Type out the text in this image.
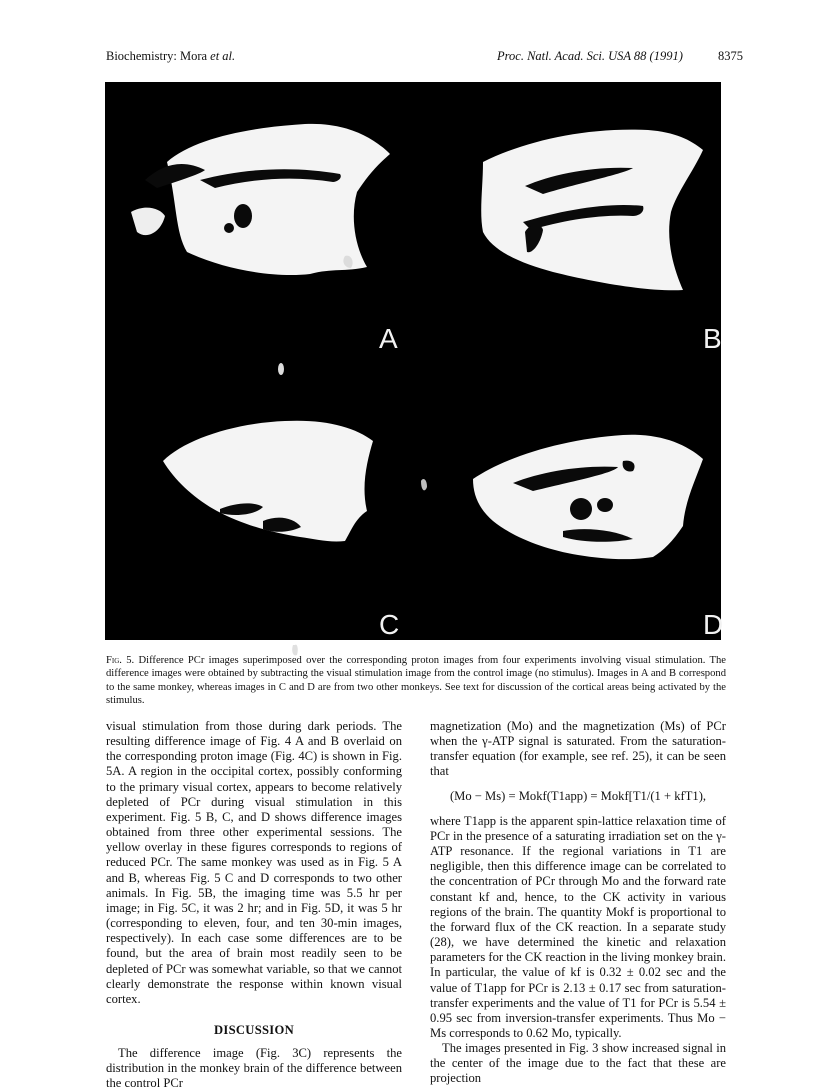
Biochemistry: Mora et al.	Proc. Natl. Acad. Sci. USA 88 (1991)	8375
A	B
C	D
Fig. 5. Difference PCr images superimposed over the corresponding proton images from four experiments involving visual stimulation. The difference images were obtained by subtracting the visual stimulation image from the control image (no stimulus). Images in A and B correspond to the same monkey, whereas images in C and D are from two other monkeys. See text for discussion of the cortical areas being activated by the stimulus.

visual stimulation from those during dark periods. The resulting difference image of Fig. 4 A and B overlaid on the corresponding proton image (Fig. 4C) is shown in Fig. 5A. A region in the occipital cortex, possibly conforming to the primary visual cortex, appears to become relatively depleted of PCr during visual stimulation in this experiment. Fig. 5 B, C, and D shows difference images obtained from three other experimental sessions. The yellow overlay in these figures corresponds to regions of reduced PCr. The same monkey was used as in Fig. 5 A and B, whereas Fig. 5 C and D corresponds to two other animals. In Fig. 5B, the imaging time was 5.5 hr per image; in Fig. 5C, it was 2 hr; and in Fig. 5D, it was 5 hr (corresponding to eleven, four, and ten 30-min images, respectively). In each case some differences are to be found, but the area of brain most readily seen to be depleted of PCr was somewhat variable, so that we cannot clearly demonstrate the response within known visual cortex.

DISCUSSION

The difference image (Fig. 3C) represents the distribution in the monkey brain of the difference between the control PCr

magnetization (Mo) and the magnetization (Ms) of PCr when the γ-ATP signal is saturated. From the saturation-transfer equation (for example, see ref. 25), it can be seen that

(Mo − Ms) = Mokf(T1app) = Mokf[T1/(1 + kfT1),

where T1app is the apparent spin-lattice relaxation time of PCr in the presence of a saturating irradiation set on the γ-ATP resonance. If the regional variations in T1 are negligible, then this difference image can be correlated to the concentration of PCr through Mo and the forward rate constant kf and, hence, to the CK activity in various regions of the brain. The quantity Mokf is proportional to the forward flux of the CK reaction. In a separate study (28), we have determined the kinetic and relaxation parameters for the CK reaction in the living monkey brain. In particular, the value of kf is 0.32 ± 0.02 sec and the value of T1app for PCr is 2.13 ± 0.17 sec from saturation-transfer experiments and the value of T1 for PCr is 5.54 ± 0.95 sec from inversion-transfer experiments. Thus Mo − Ms corresponds to 0.62 Mo, typically.

The images presented in Fig. 3 show increased signal in the center of the image due to the fact that these are projection
